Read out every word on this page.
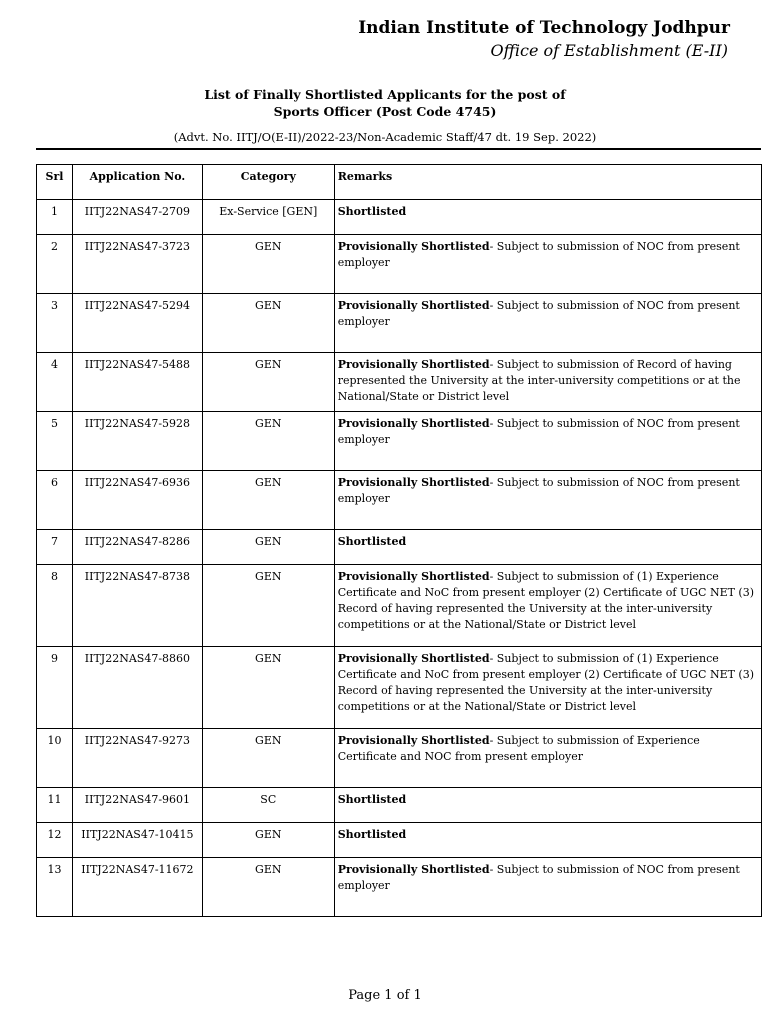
Indian Institute of Technology Jodhpur
Office of Establishment (E-II)
List of Finally Shortlisted Applicants for the post of
Sports Officer (Post Code 4745)
(Advt. No. IITJ/O(E-II)/2022-23/Non-Academic Staff/47 dt. 19 Sep. 2022)
Srl	Application No.	Category	Remarks
1	IITJ22NAS47-2709	Ex-Service [GEN]	Shortlisted
2	IITJ22NAS47-3723	GEN	Provisionally Shortlisted- Subject to submission of NOC from present employer
3	IITJ22NAS47-5294	GEN	Provisionally Shortlisted- Subject to submission of NOC from present employer
4	IITJ22NAS47-5488	GEN	Provisionally Shortlisted- Subject to submission of Record of having represented the University at the inter-university competitions or at the National/State or District level
5	IITJ22NAS47-5928	GEN	Provisionally Shortlisted- Subject to submission of NOC from present employer
6	IITJ22NAS47-6936	GEN	Provisionally Shortlisted- Subject to submission of NOC from present employer
7	IITJ22NAS47-8286	GEN	Shortlisted
8	IITJ22NAS47-8738	GEN	Provisionally Shortlisted- Subject to submission of (1) Experience Certificate and NoC from present employer (2) Certificate of UGC NET (3) Record of having represented the University at the inter-university competitions or at the National/State or District level
9	IITJ22NAS47-8860	GEN	Provisionally Shortlisted- Subject to submission of (1) Experience Certificate and NoC from present employer (2) Certificate of UGC NET (3) Record of having represented the University at the inter-university competitions or at the National/State or District level
10	IITJ22NAS47-9273	GEN	Provisionally Shortlisted- Subject to submission of Experience Certificate and NOC from present employer
11	IITJ22NAS47-9601	SC	Shortlisted
12	IITJ22NAS47-10415	GEN	Shortlisted
13	IITJ22NAS47-11672	GEN	Provisionally Shortlisted- Subject to submission of NOC from present employer
Page 1 of 1
